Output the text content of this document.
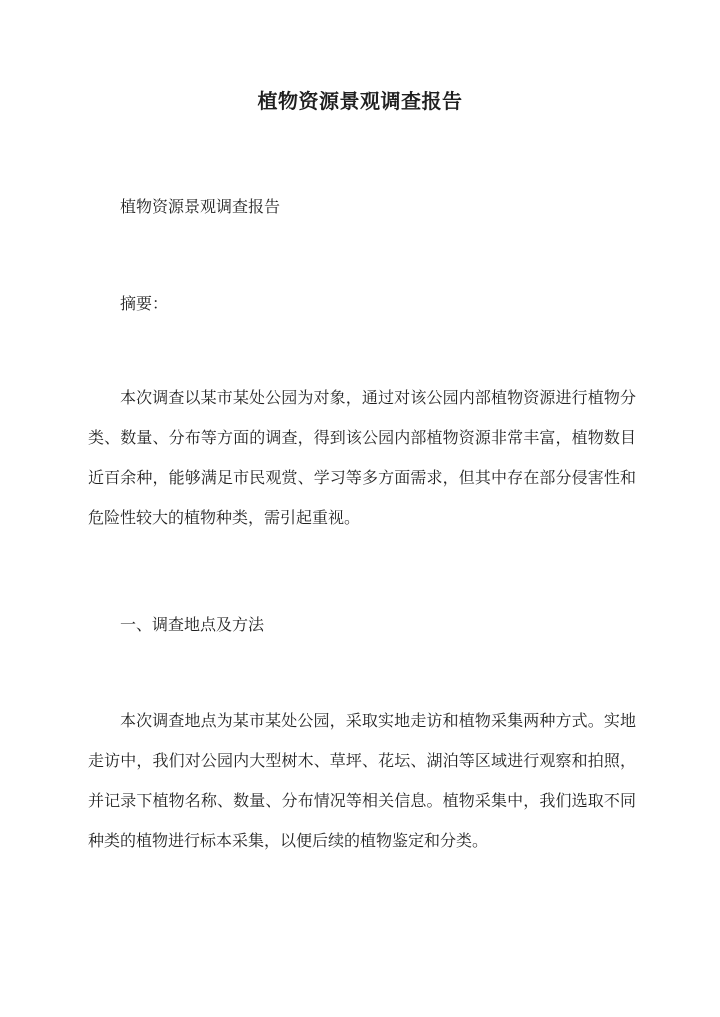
植物资源景观调查报告

植物资源景观调查报告

摘要：

本次调查以某市某处公园为对象，通过对该公园内部植物资源进行植物分类、数量、分布等方面的调查，得到该公园内部植物资源非常丰富，植物数目近百余种，能够满足市民观赏、学习等多方面需求，但其中存在部分侵害性和危险性较大的植物种类，需引起重视。

一、调查地点及方法

本次调查地点为某市某处公园，采取实地走访和植物采集两种方式。实地走访中，我们对公园内大型树木、草坪、花坛、湖泊等区域进行观察和拍照，并记录下植物名称、数量、分布情况等相关信息。植物采集中，我们选取不同种类的植物进行标本采集，以便后续的植物鉴定和分类。
